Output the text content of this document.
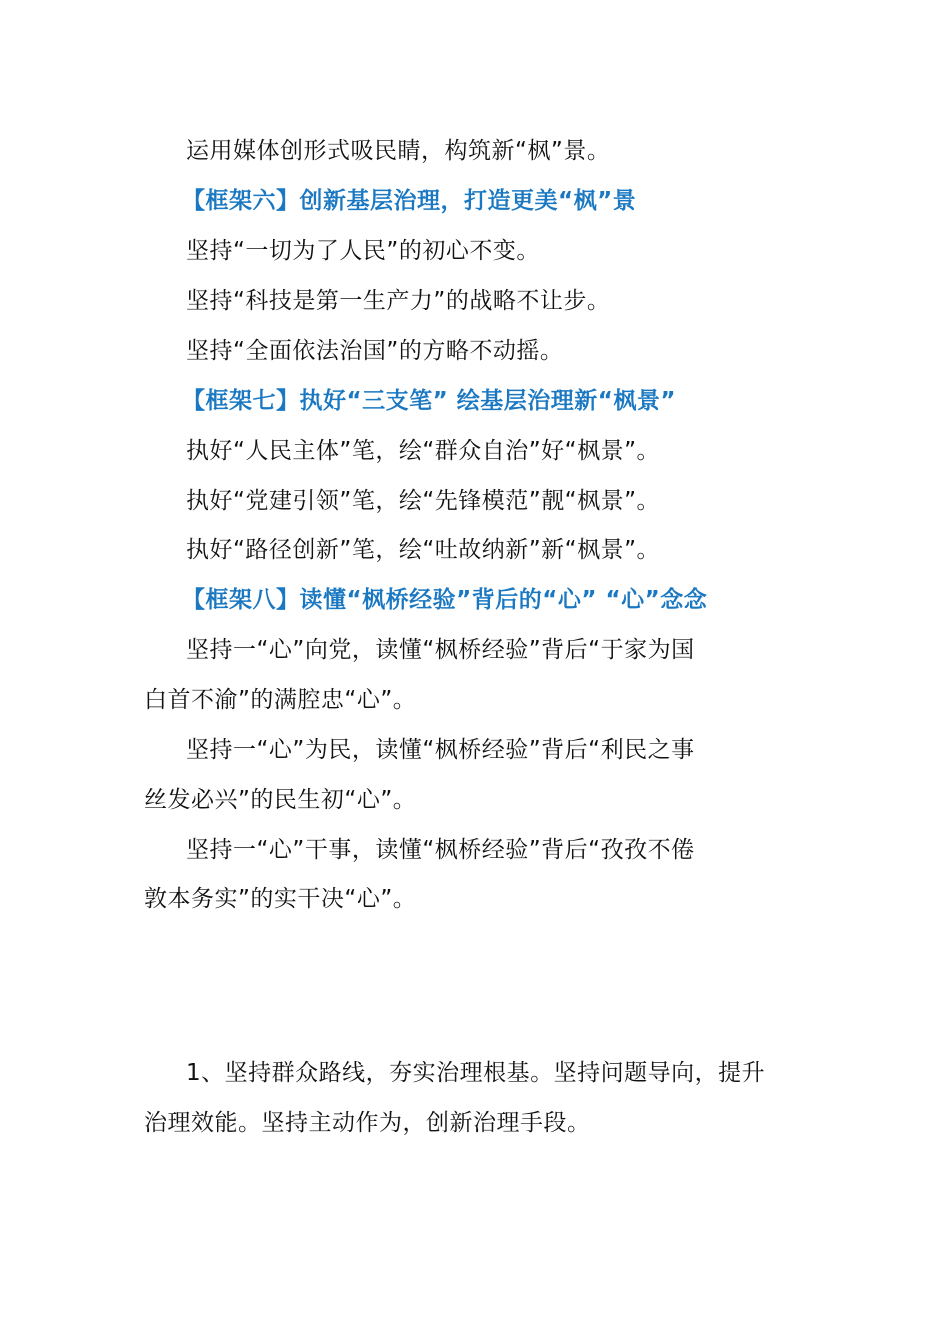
运用媒体创形式吸民睛，构筑新“枫”景。
【框架六】创新基层治理，打造更美“枫”景
坚持“一切为了人民”的初心不变。
坚持“科技是第一生产力”的战略不让步。
坚持“全面依法治国”的方略不动摇。
【框架七】执好“三支笔” 绘基层治理新“枫景”
执好“人民主体”笔，绘“群众自治”好“枫景”。
执好“党建引领”笔，绘“先锋模范”靓“枫景”。
执好“路径创新”笔，绘“吐故纳新”新“枫景”。
【框架八】读懂“枫桥经验”背后的“心” “心”念念
坚持一“心”向党，读懂“枫桥经验”背后“于家为国
白首不渝”的满腔忠“心”。
坚持一“心”为民，读懂“枫桥经验”背后“利民之事
丝发必兴”的民生初“心”。
坚持一“心”干事，读懂“枫桥经验”背后“孜孜不倦
敦本务实”的实干决“心”。
1、坚持群众路线，夯实治理根基。坚持问题导向，提升
治理效能。坚持主动作为，创新治理手段。
